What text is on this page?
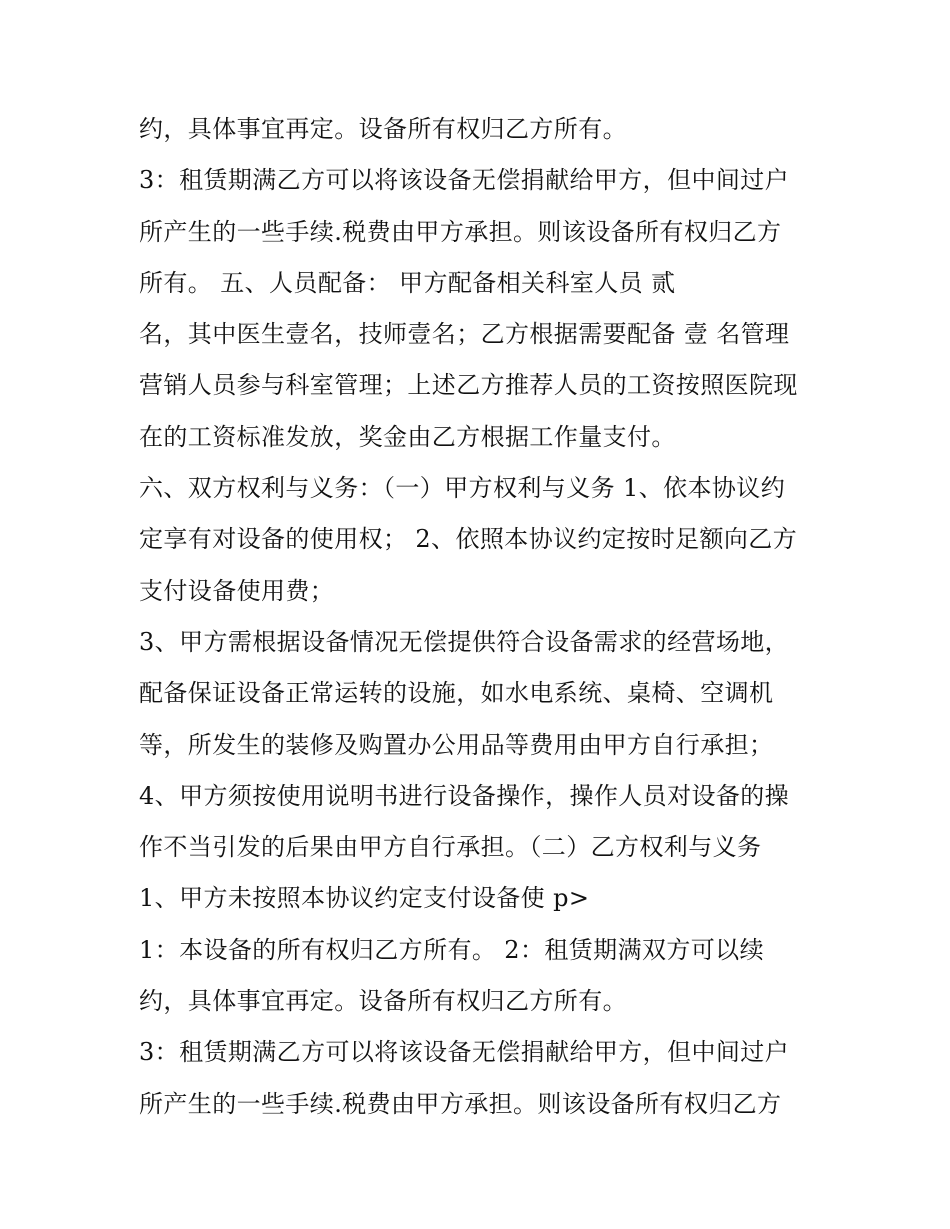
约，具体事宜再定。设备所有权归乙方所有。
3：租赁期满乙方可以将该设备无偿捐献给甲方，但中间过户
所产生的一些手续.税费由甲方承担。则该设备所有权归乙方
所有。 五、人员配备： 甲方配备相关科室人员 贰
名，其中医生壹名，技师壹名；乙方根据需要配备 壹 名管理
营销人员参与科室管理；上述乙方推荐人员的工资按照医院现
在的工资标准发放，奖金由乙方根据工作量支付。
六、双方权利与义务：（一）甲方权利与义务 1、依本协议约
定享有对设备的使用权； 2、依照本协议约定按时足额向乙方
支付设备使用费；
3、甲方需根据设备情况无偿提供符合设备需求的经营场地，
配备保证设备正常运转的设施，如水电系统、桌椅、空调机
等，所发生的装修及购置办公用品等费用由甲方自行承担；
4、甲方须按使用说明书进行设备操作，操作人员对设备的操
作不当引发的后果由甲方自行承担。（二）乙方权利与义务
1、甲方未按照本协议约定支付设备使 p>
1：本设备的所有权归乙方所有。 2：租赁期满双方可以续
约，具体事宜再定。设备所有权归乙方所有。
3：租赁期满乙方可以将该设备无偿捐献给甲方，但中间过户
所产生的一些手续.税费由甲方承担。则该设备所有权归乙方
